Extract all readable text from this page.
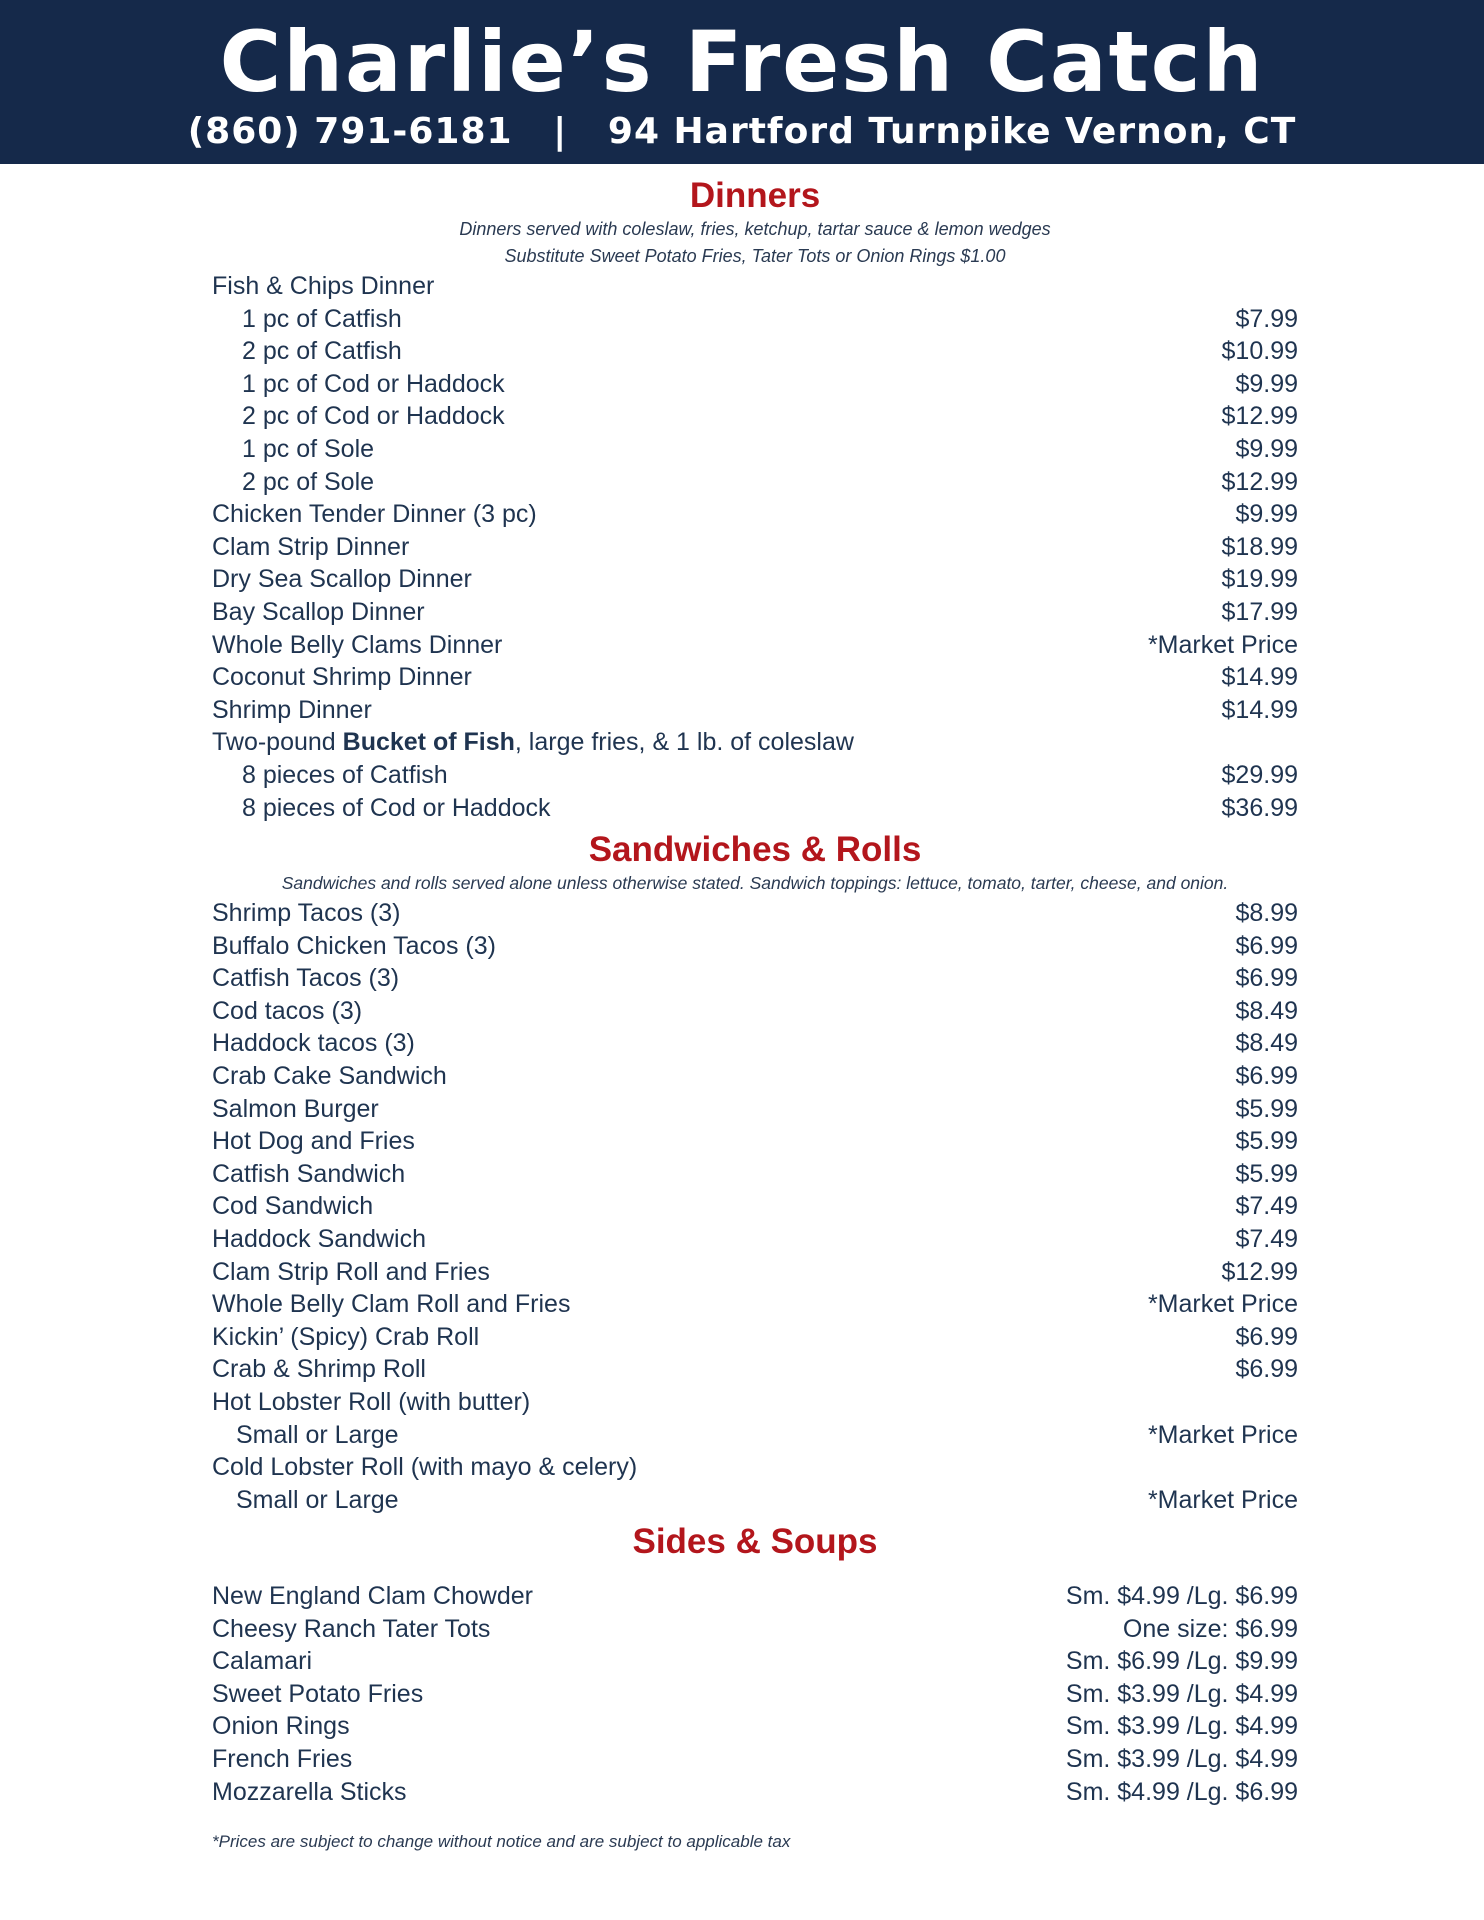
Charlie’s Fresh Catch
(860) 791-6181   |   94 Hartford Turnpike Vernon, CT
Dinners

Dinners served with coleslaw, fries, ketchup, tartar sauce & lemon wedges

Substitute Sweet Potato Fries, Tater Tots or Onion Rings $1.00

Fish & Chips Dinner
1 pc of Catfish	$7.99
2 pc of Catfish	$10.99
1 pc of Cod or Haddock	$9.99
2 pc of Cod or Haddock	$12.99
1 pc of Sole	$9.99
2 pc of Sole	$12.99
Chicken Tender Dinner (3 pc)	$9.99
Clam Strip Dinner	$18.99
Dry Sea Scallop Dinner	$19.99
Bay Scallop Dinner	$17.99
Whole Belly Clams Dinner	*Market Price
Coconut Shrimp Dinner	$14.99
Shrimp Dinner	$14.99
Two-pound Bucket of Fish, large fries, & 1 lb. of coleslaw
8 pieces of Catfish	$29.99
8 pieces of Cod or Haddock	$36.99
Sandwiches & Rolls

Sandwiches and rolls served alone unless otherwise stated. Sandwich toppings: lettuce, tomato, tarter, cheese, and onion.

Shrimp Tacos (3)	$8.99
Buffalo Chicken Tacos (3)	$6.99
Catfish Tacos (3)	$6.99
Cod tacos (3)	$8.49
Haddock tacos (3)	$8.49
Crab Cake Sandwich	$6.99
Salmon Burger	$5.99
Hot Dog and Fries	$5.99
Catfish Sandwich	$5.99
Cod Sandwich	$7.49
Haddock Sandwich	$7.49
Clam Strip Roll and Fries	$12.99
Whole Belly Clam Roll and Fries	*Market Price
Kickin’ (Spicy) Crab Roll	$6.99
Crab & Shrimp Roll	$6.99
Hot Lobster Roll (with butter)
Small or Large	*Market Price
Cold Lobster Roll (with mayo & celery)
Small or Large	*Market Price
Sides & Soups
New England Clam Chowder	Sm. $4.99 /Lg. $6.99
Cheesy Ranch Tater Tots	One size: $6.99
Calamari	Sm. $6.99 /Lg. $9.99
Sweet Potato Fries	Sm. $3.99 /Lg. $4.99
Onion Rings	Sm. $3.99 /Lg. $4.99
French Fries	Sm. $3.99 /Lg. $4.99
Mozzarella Sticks	Sm. $4.99 /Lg. $6.99
*Prices are subject to change without notice and are subject to applicable tax
